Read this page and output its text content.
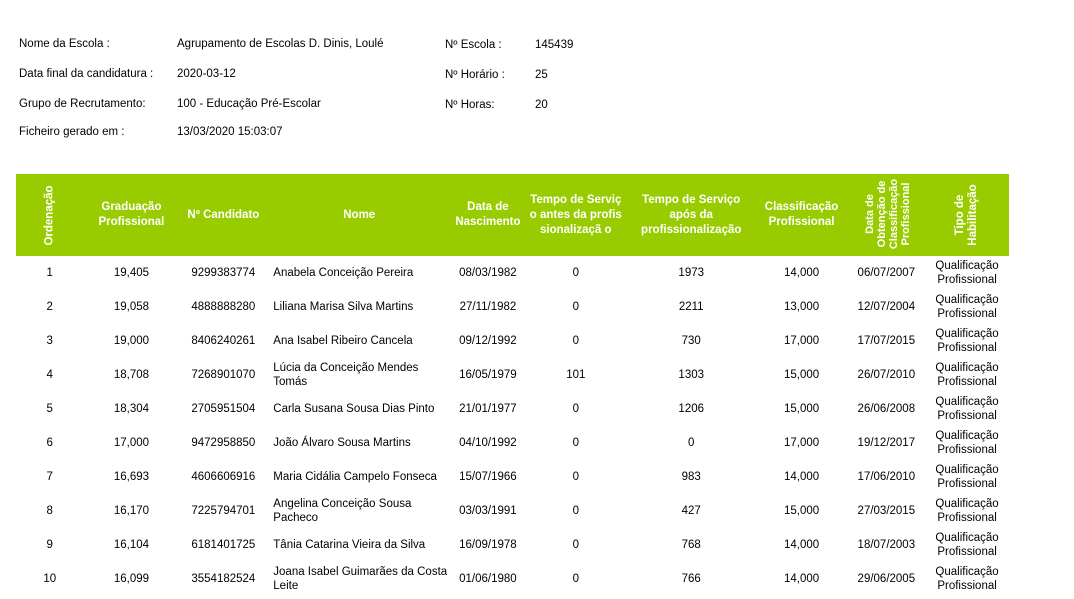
Nome da Escola :	Agrupamento de Escolas D. Dinis, Loulé
Data final da candidatura : 2020-03-12
Grupo de Recrutamento:	100 - Educação Pré-Escolar
Ficheiro gerado em :	13/03/2020 15:03:07
Nº Escola :	145439
Nº Horário :	25
Nº Horas:	20
Ordenação	Graduação Profissional	Nº Candidato	Nome	Data de Nascimento	Tempo de Serviço antes da profissionalizaçã o	Tempo de Serviço após da profissionalização	Classificação Profissional	Data de Obtenção de Classificação Profissional	Tipo de Habilitação
1	19,405	9299383774	Anabela Conceição Pereira	08/03/1982	0	1973	14,000	06/07/2007	Qualificação Profissional
2	19,058	4888888280	Liliana Marisa Silva Martins	27/11/1982	0	2211	13,000	12/07/2004	Qualificação Profissional
3	19,000	8406240261	Ana Isabel Ribeiro Cancela	09/12/1992	0	730	17,000	17/07/2015	Qualificação Profissional
4	18,708	7268901070	Lúcia da Conceição Mendes Tomás	16/05/1979	101	1303	15,000	26/07/2010	Qualificação Profissional
5	18,304	2705951504	Carla Susana Sousa Dias Pinto	21/01/1977	0	1206	15,000	26/06/2008	Qualificação Profissional
6	17,000	9472958850	João Álvaro Sousa Martins	04/10/1992	0	0	17,000	19/12/2017	Qualificação Profissional
7	16,693	4606606916	Maria Cidália Campelo Fonseca	15/07/1966	0	983	14,000	17/06/2010	Qualificação Profissional
8	16,170	7225794701	Angelina Conceição Sousa Pacheco	03/03/1991	0	427	15,000	27/03/2015	Qualificação Profissional
9	16,104	6181401725	Tânia Catarina Vieira da Silva	16/09/1978	0	768	14,000	18/07/2003	Qualificação Profissional
10	16,099	3554182524	Joana Isabel Guimarães da Costa Leite	01/06/1980	0	766	14,000	29/06/2005	Qualificação Profissional
